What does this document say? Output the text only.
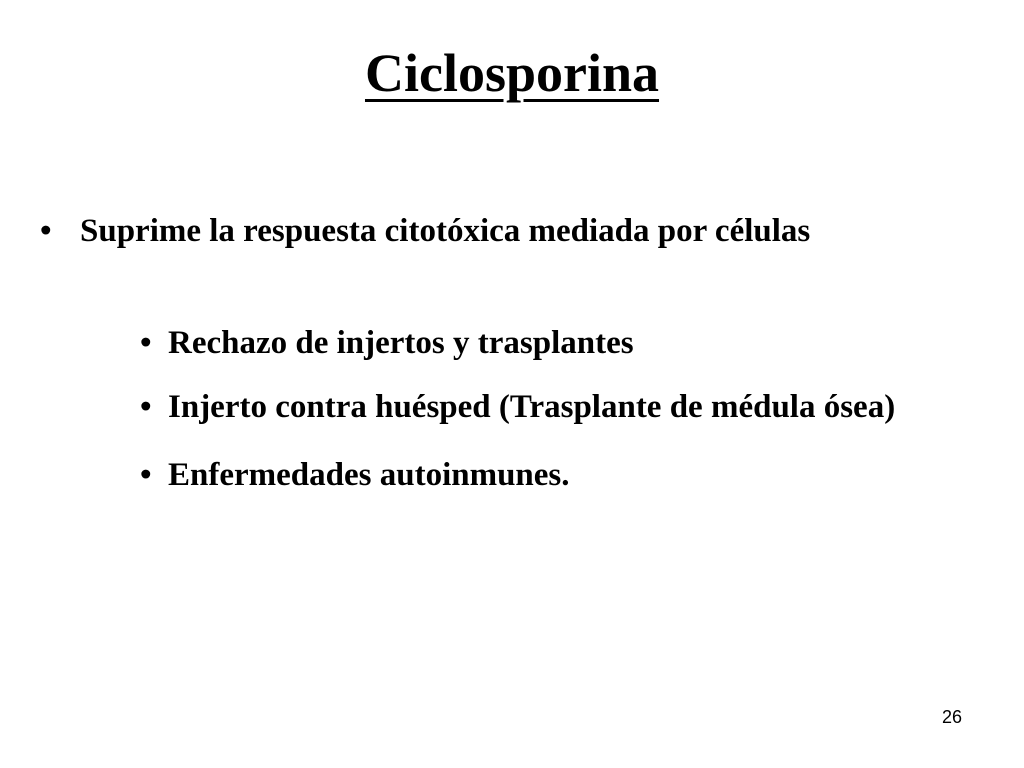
Ciclosporina
• Suprime la respuesta citotóxica mediada por células
• Rechazo de injertos y trasplantes
• Injerto contra huésped (Trasplante de médula ósea)
• Enfermedades autoinmunes.
26
